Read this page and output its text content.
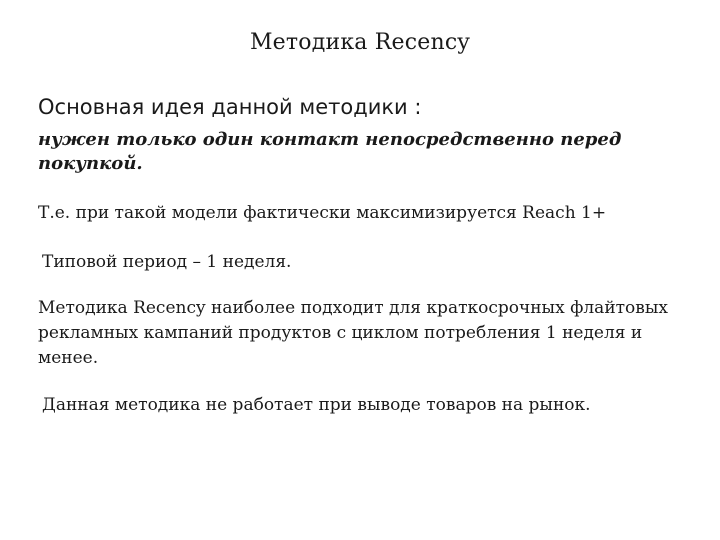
Методика Recency
Основная идея данной методики :
нужен только один контакт непосредственно перед покупкой.
Т.е. при такой модели фактически максимизируется Reach 1+
Типовой период – 1 неделя.
Методика Recency наиболее подходит для краткосрочных флайтовых рекламных кампаний продуктов с циклом потребления 1 неделя и менее.
Данная методика не работает при выводе товаров на рынок.
